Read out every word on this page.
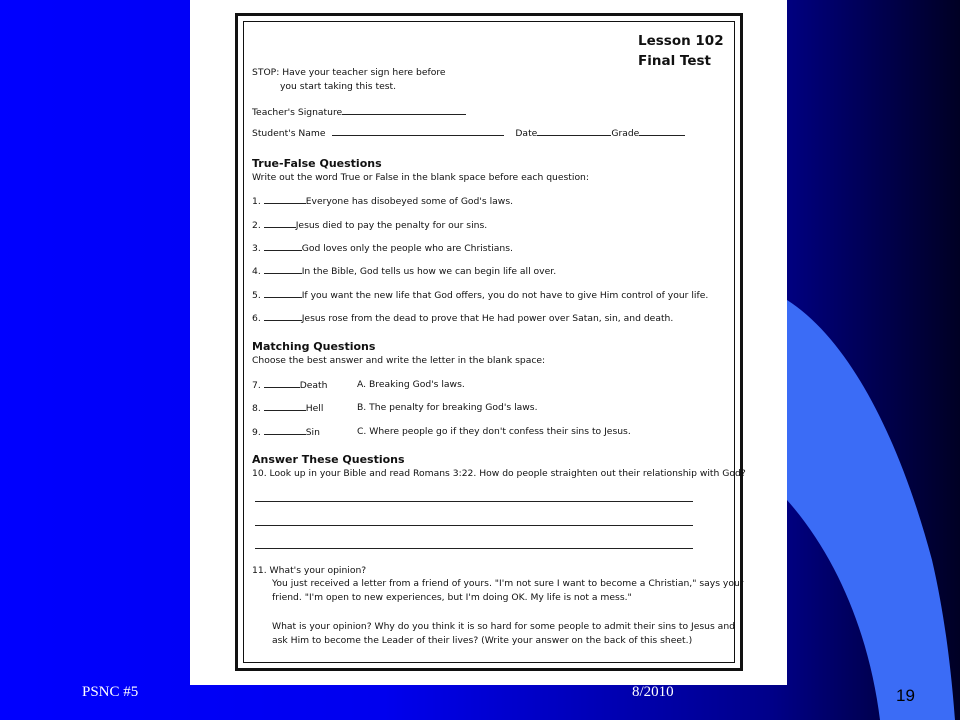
Lesson 102
Final Test
STOP: Have your teacher sign here before
you start taking this test.
Teacher's Signature
Student's Name	Date	Grade
True-False Questions
Write out the word True or False in the blank space before each question:
1.	Everyone has disobeyed some of God's laws.
2.	Jesus died to pay the penalty for our sins.
3.	God loves only the people who are Christians.
4.	In the Bible, God tells us how we can begin life all over.
5.	If you want the new life that God offers, you do not have to give Him control of your life.
6.	Jesus rose from the dead to prove that He had power over Satan, sin, and death.
Matching Questions
Choose the best answer and write the letter in the blank space:
7.	Death	A. Breaking God's laws.
8.	Hell	B. The penalty for breaking God's laws.
9.	Sin	C. Where people go if they don't confess their sins to Jesus.
Answer These Questions
10. Look up in your Bible and read Romans 3:22. How do people straighten out their relationship with God?
11. What's your opinion?
You just received a letter from a friend of yours. "I'm not sure I want to become a Christian," says your
friend. "I'm open to new experiences, but I'm doing OK. My life is not a mess."
What is your opinion? Why do you think it is so hard for some people to admit their sins to Jesus and
ask Him to become the Leader of their lives? (Write your answer on the back of this sheet.)
PSNC #5	8/2010	19
